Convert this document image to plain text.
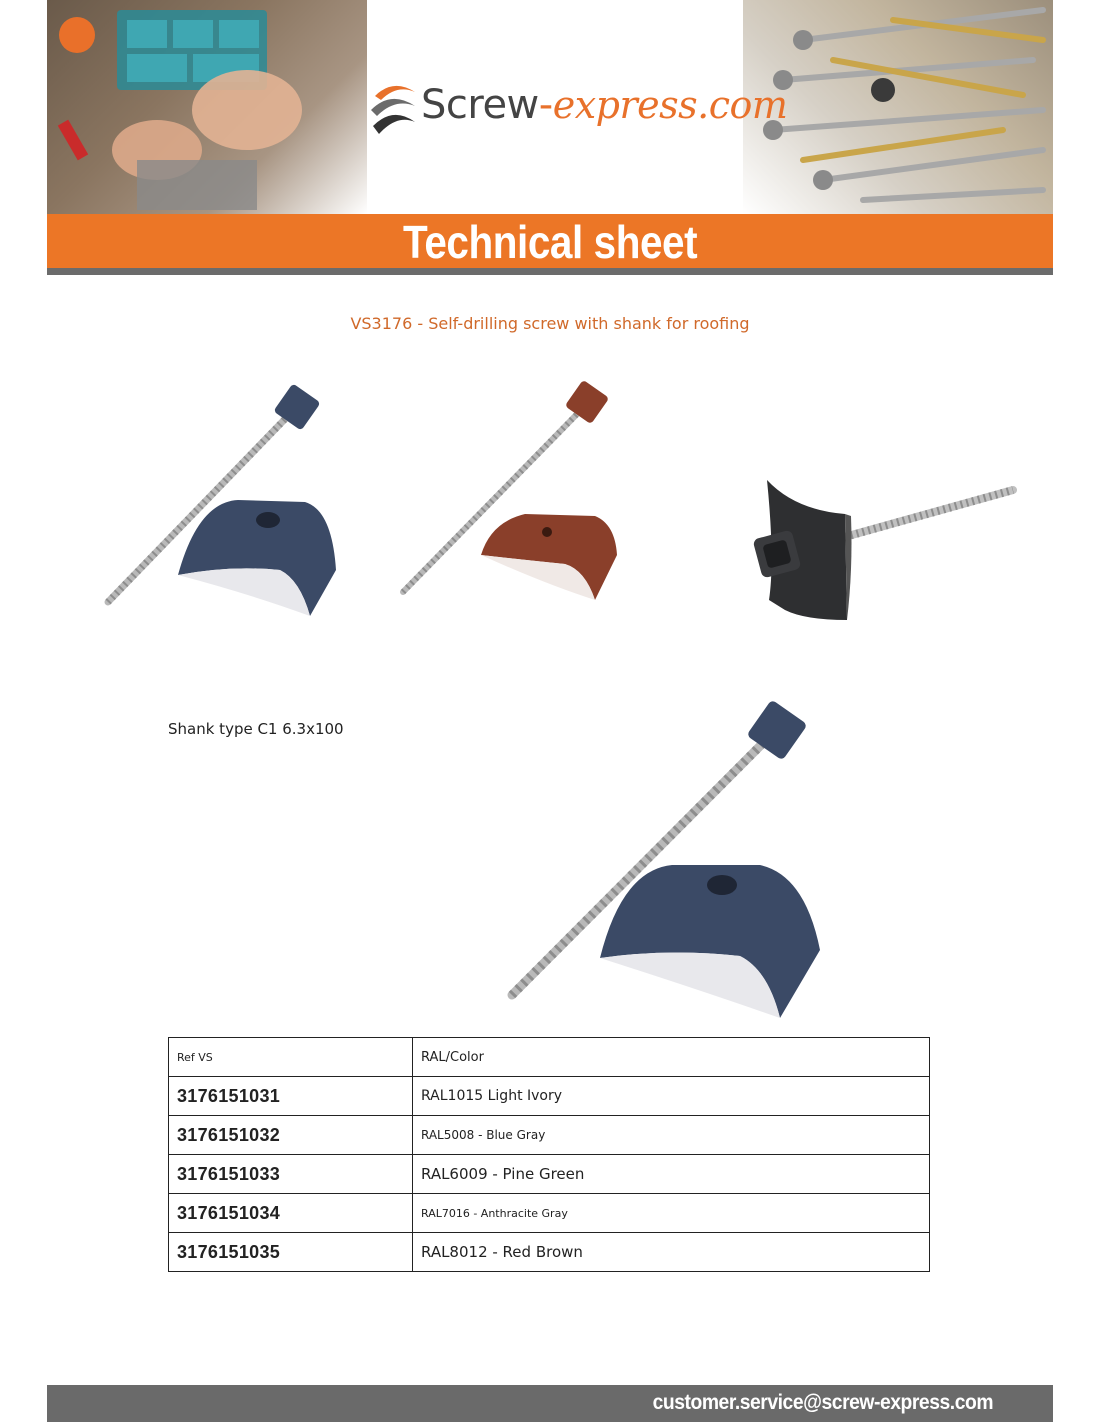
Screw-express.com
Technical sheet
VS3176 - Self-drilling screw with shank for roofing
Shank type C1 6.3x100
Ref VS	RAL/Color
3176151031	RAL1015 Light Ivory
3176151032	RAL5008 - Blue Gray
3176151033	RAL6009 - Pine Green
3176151034	RAL7016 - Anthracite Gray
3176151035	RAL8012 - Red Brown
customer.service@screw-express.com
